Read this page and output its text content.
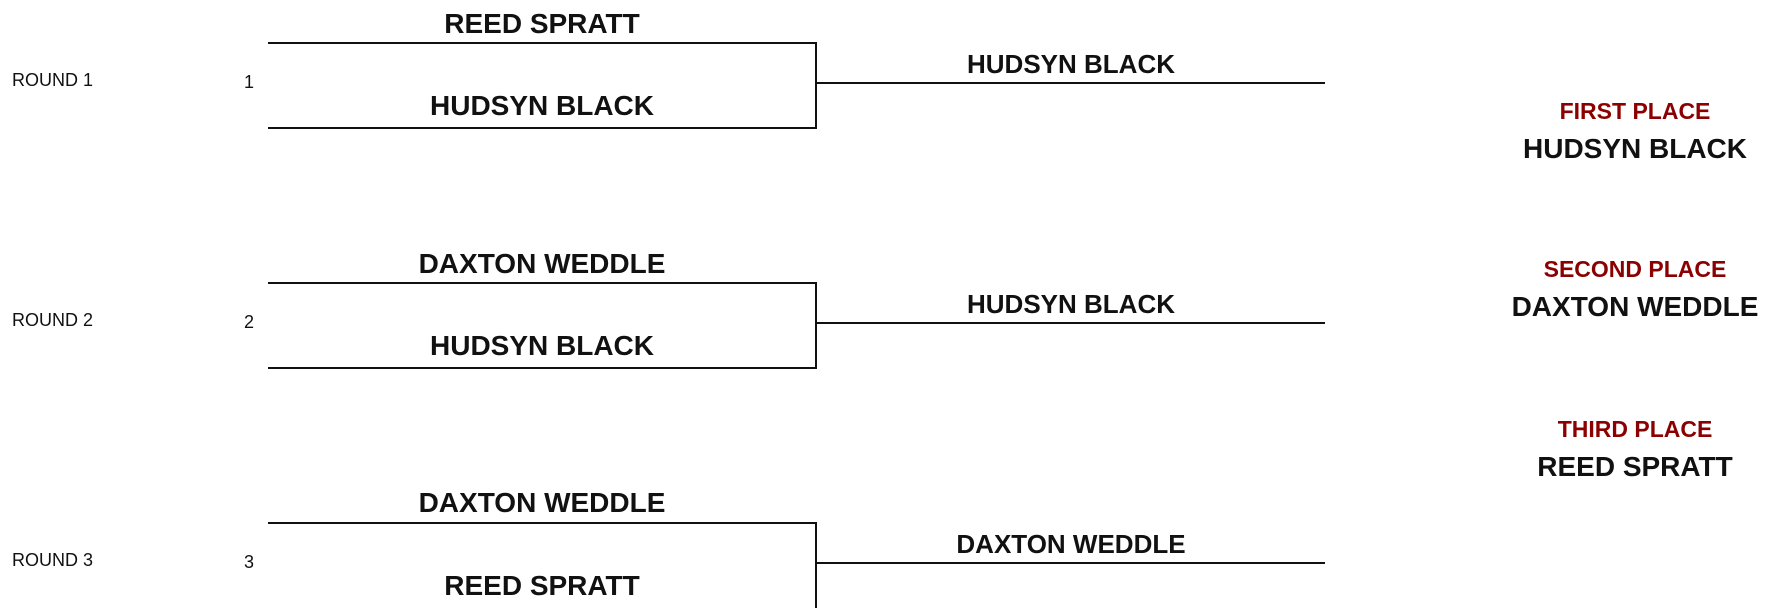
ROUND 1	1
REED SPRATT
HUDSYN BLACK
HUDSYN BLACK
ROUND 2	2
DAXTON WEDDLE
HUDSYN BLACK
HUDSYN BLACK
ROUND 3	3
DAXTON WEDDLE
REED SPRATT
DAXTON WEDDLE
FIRST PLACE
HUDSYN BLACK
SECOND PLACE
DAXTON WEDDLE
THIRD PLACE
REED SPRATT
